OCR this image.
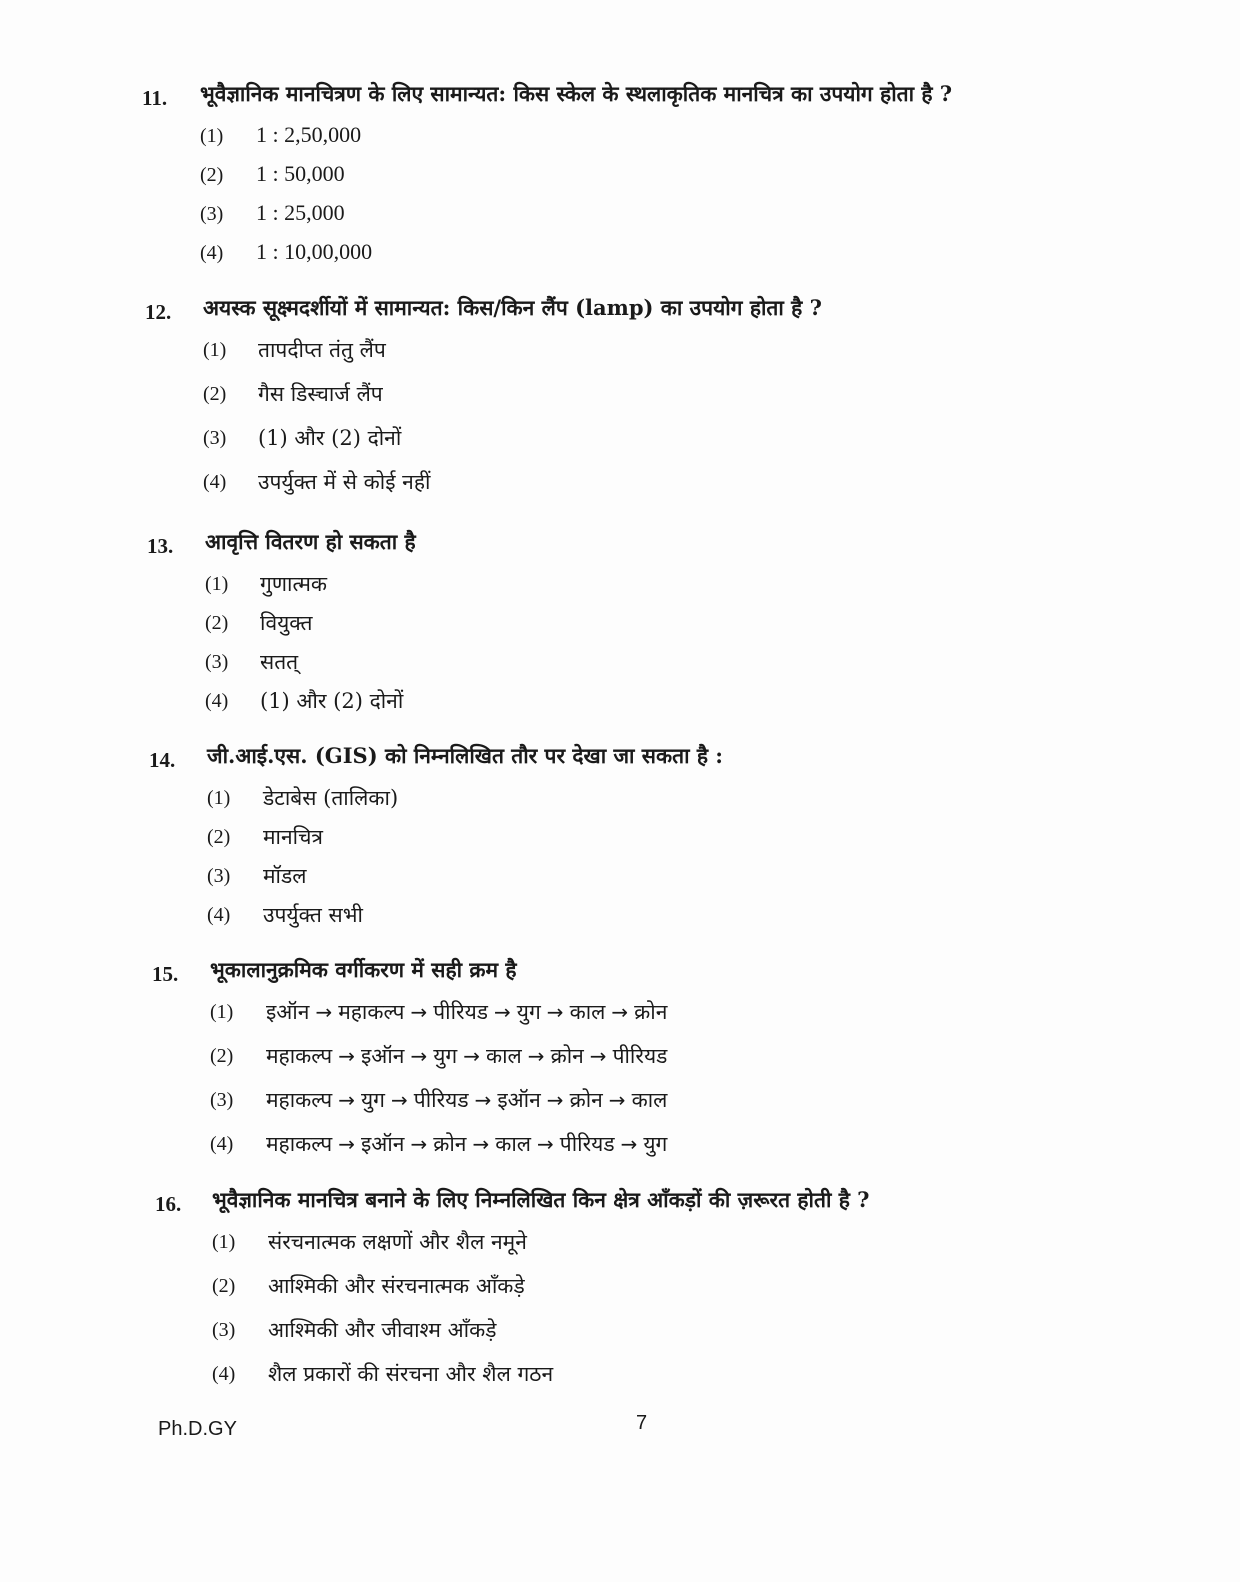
11. भूवैज्ञानिक मानचित्रण के लिए सामान्यत: किस स्केल के स्थलाकृतिक मानचित्र का उपयोग होता है ?
(1) 1 : 2,50,000
(2) 1 : 50,000
(3) 1 : 25,000
(4) 1 : 10,00,000
12. अयस्क सूक्ष्मदर्शीयों में सामान्यत: किस/किन लैंप (lamp) का उपयोग होता है ?
(1) तापदीप्त तंतु लैंप
(2) गैस डिस्चार्ज लैंप
(3) (1) और (2) दोनों
(4) उपर्युक्त में से कोई नहीं
13. आवृत्ति वितरण हो सकता है
(1) गुणात्मक
(2) वियुक्त
(3) सतत्
(4) (1) और (2) दोनों
14. जी.आई.एस. (GIS) को निम्नलिखित तौर पर देखा जा सकता है :
(1) डेटाबेस (तालिका)
(2) मानचित्र
(3) मॉडल
(4) उपर्युक्त सभी
15. भूकालानुक्रमिक वर्गीकरण में सही क्रम है
(1) इऑन → महाकल्प → पीरियड → युग → काल → क्रोन
(2) महाकल्प → इऑन → युग → काल → क्रोन → पीरियड
(3) महाकल्प → युग → पीरियड → इऑन → क्रोन → काल
(4) महाकल्प → इऑन → क्रोन → काल → पीरियड → युग
16. भूवैज्ञानिक मानचित्र बनाने के लिए निम्नलिखित किन क्षेत्र आँकड़ों की ज़रूरत होती है ?
(1) संरचनात्मक लक्षणों और शैल नमूने
(2) आश्मिकी और संरचनात्मक आँकड़े
(3) आश्मिकी और जीवाश्म आँकड़े
(4) शैल प्रकारों की संरचना और शैल गठन
Ph.D.GY	7
